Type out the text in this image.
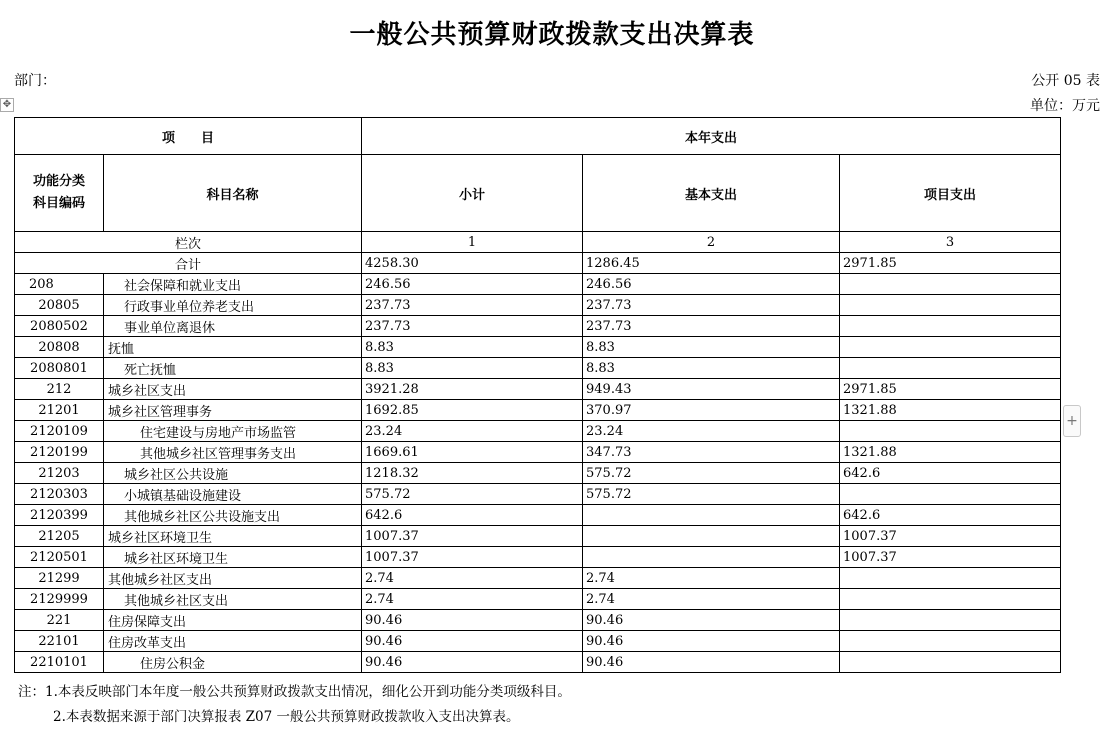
一般公共预算财政拨款支出决算表
部门：	公开 05 表
单位：万元
✥
+
项　　目		本年支出		
功能分类
科目编码	科目名称	小计	基本支出	项目支出
栏次		1	2	3
合计		4258.30	1286.45	2971.85
208	社会保障和就业支出	246.56	246.56	
20805	行政事业单位养老支出	237.73	237.73	
2080502	事业单位离退休	237.73	237.73	
20808	抚恤	8.83	8.83	
2080801	死亡抚恤	8.83	8.83	
212	城乡社区支出	3921.28	949.43	2971.85
21201	城乡社区管理事务	1692.85	370.97	1321.88
2120109	住宅建设与房地产市场监管	23.24	23.24	
2120199	其他城乡社区管理事务支出	1669.61	347.73	1321.88
21203	城乡社区公共设施	1218.32	575.72	642.6
2120303	小城镇基础设施建设	575.72	575.72	
2120399	其他城乡社区公共设施支出	642.6		642.6
21205	城乡社区环境卫生	1007.37		1007.37
2120501	城乡社区环境卫生	1007.37		1007.37
21299	其他城乡社区支出	2.74	2.74	
2129999	其他城乡社区支出	2.74	2.74	
221	住房保障支出	90.46	90.46	
22101	住房改革支出	90.46	90.46	
2210101	住房公积金	90.46	90.46	
注：1.本表反映部门本年度一般公共预算财政拨款支出情况，细化公开到功能分类项级科目。
2.本表数据来源于部门决算报表 Z07 一般公共预算财政拨款收入支出决算表。
